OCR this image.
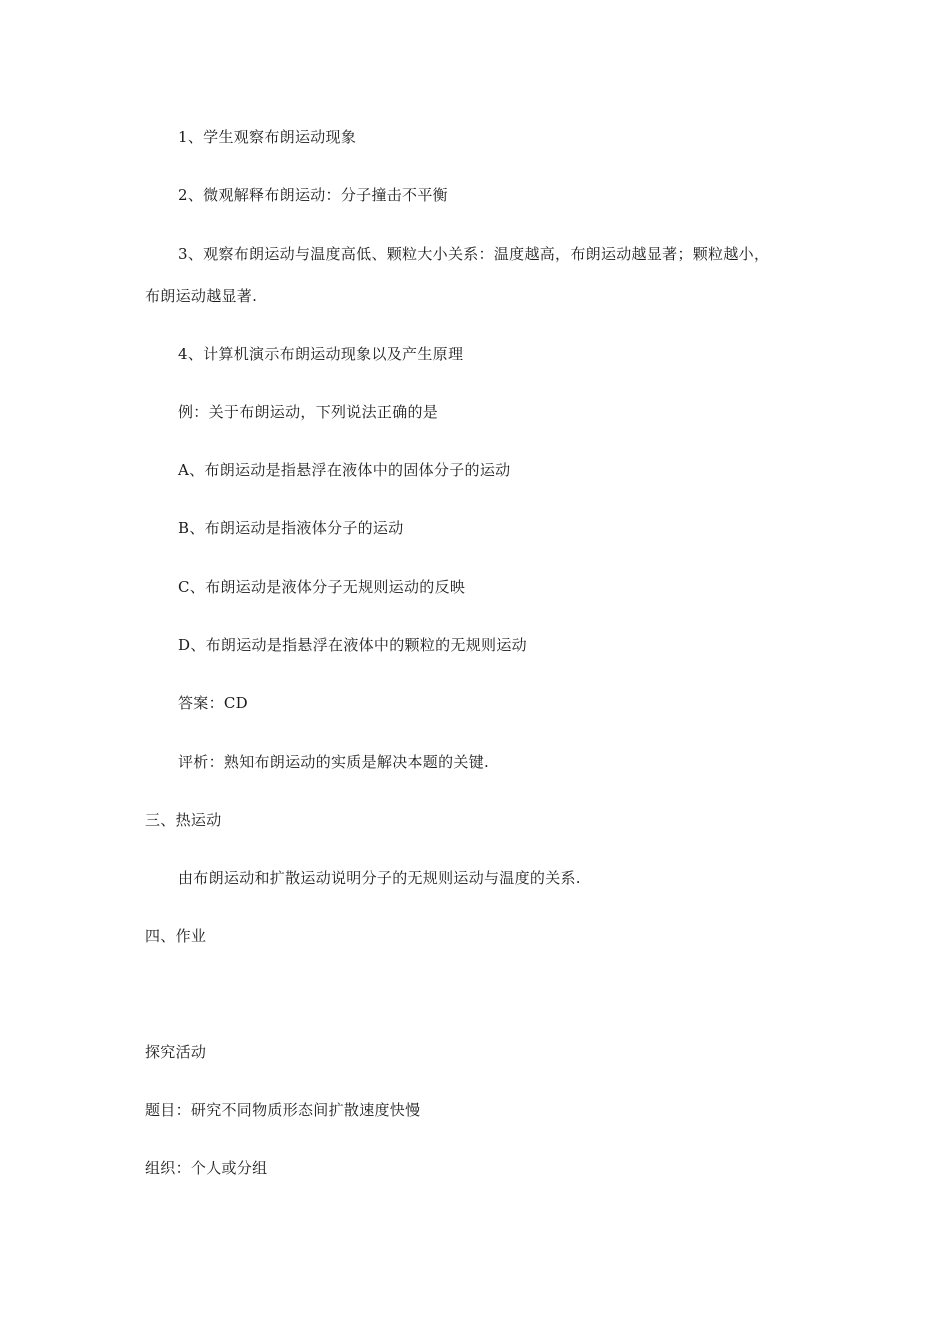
1、学生观察布朗运动现象
2、微观解释布朗运动：分子撞击不平衡
3、观察布朗运动与温度高低、颗粒大小关系：温度越高，布朗运动越显著；颗粒越小，
布朗运动越显著.
4、计算机演示布朗运动现象以及产生原理
例：关于布朗运动，下列说法正确的是
A、布朗运动是指悬浮在液体中的固体分子的运动
B、布朗运动是指液体分子的运动
C、布朗运动是液体分子无规则运动的反映
D、布朗运动是指悬浮在液体中的颗粒的无规则运动
答案：CD
评析：熟知布朗运动的实质是解决本题的关键.
三、热运动
由布朗运动和扩散运动说明分子的无规则运动与温度的关系.
四、作业
探究活动
题目：研究不同物质形态间扩散速度快慢
组织：个人或分组
